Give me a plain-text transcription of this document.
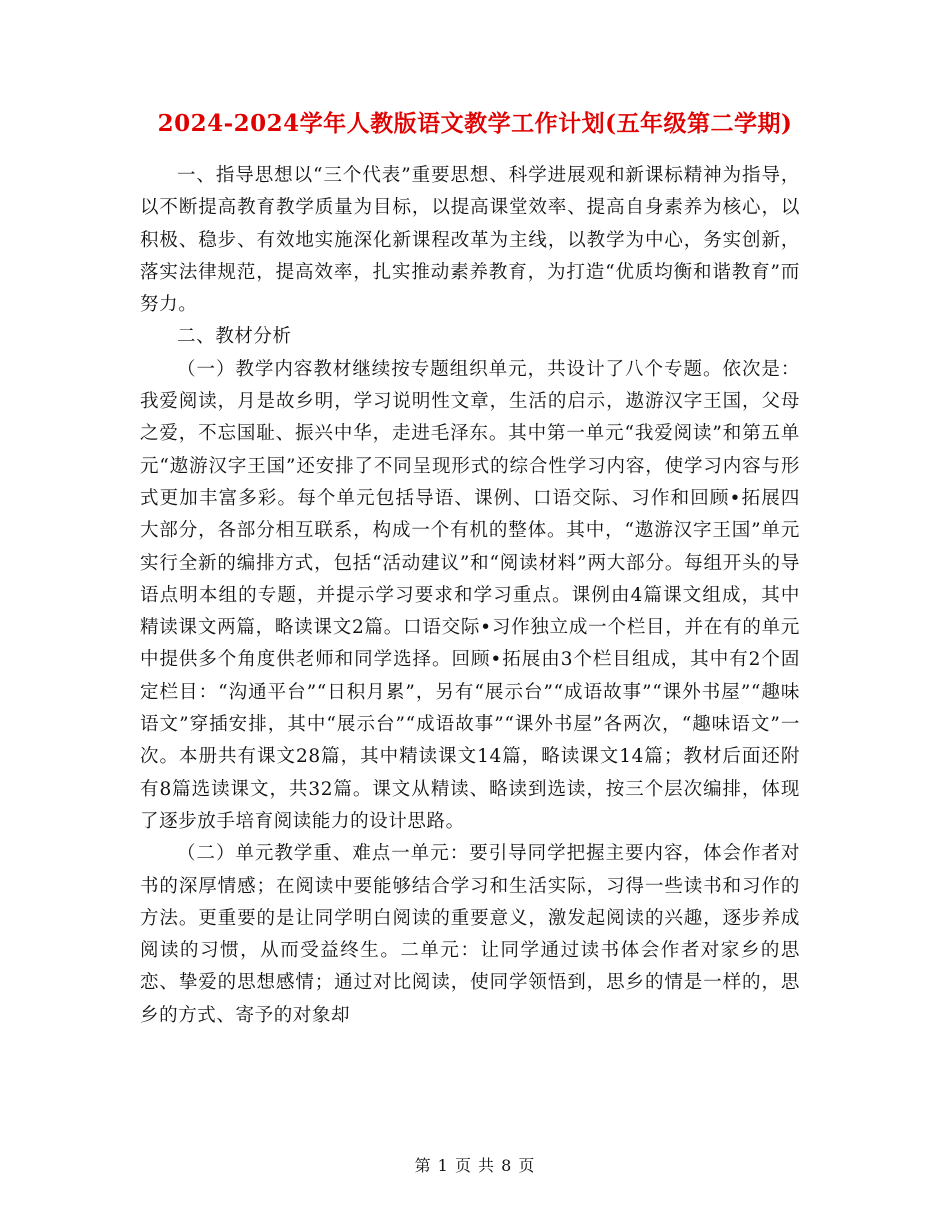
2024-2024学年人教版语文教学工作计划(五年级第二学期)

一、指导思想以“三个代表”重要思想、科学进展观和新课标精神为指导，以不断提高教育教学质量为目标，以提高课堂效率、提高自身素养为核心，以积极、稳步、有效地实施深化新课程改革为主线，以教学为中心，务实创新，落实法律规范，提高效率，扎实推动素养教育，为打造“优质均衡和谐教育”而努力。

二、教材分析

（一）教学内容教材继续按专题组织单元，共设计了八个专题。依次是：我爱阅读，月是故乡明，学习说明性文章，生活的启示，遨游汉字王国，父母之爱，不忘国耻、振兴中华，走进毛泽东。其中第一单元“我爱阅读”和第五单元“遨游汉字王国”还安排了不同呈现形式的综合性学习内容，使学习内容与形式更加丰富多彩。每个单元包括导语、课例、口语交际、习作和回顾•拓展四大部分，各部分相互联系，构成一个有机的整体。其中，“遨游汉字王国”单元实行全新的编排方式，包括“活动建议”和“阅读材料”两大部分。每组开头的导语点明本组的专题，并提示学习要求和学习重点。课例由4篇课文组成，其中精读课文两篇，略读课文2篇。口语交际•习作独立成一个栏目，并在有的单元中提供多个角度供老师和同学选择。回顾•拓展由3个栏目组成，其中有2个固定栏目：“沟通平台”“日积月累”，另有“展示台”“成语故事”“课外书屋”“趣味语文”穿插安排，其中“展示台”“成语故事”“课外书屋”各两次，“趣味语文”一次。本册共有课文28篇，其中精读课文14篇，略读课文14篇；教材后面还附有8篇选读课文，共32篇。课文从精读、略读到选读，按三个层次编排，体现了逐步放手培育阅读能力的设计思路。

（二）单元教学重、难点一单元：要引导同学把握主要内容，体会作者对书的深厚情感；在阅读中要能够结合学习和生活实际，习得一些读书和习作的方法。更重要的是让同学明白阅读的重要意义，激发起阅读的兴趣，逐步养成阅读的习惯，从而受益终生。二单元：让同学通过读书体会作者对家乡的思恋、挚爱的思想感情；通过对比阅读，使同学领悟到，思乡的情是一样的，思乡的方式、寄予的对象却

第 1 页 共 8 页
